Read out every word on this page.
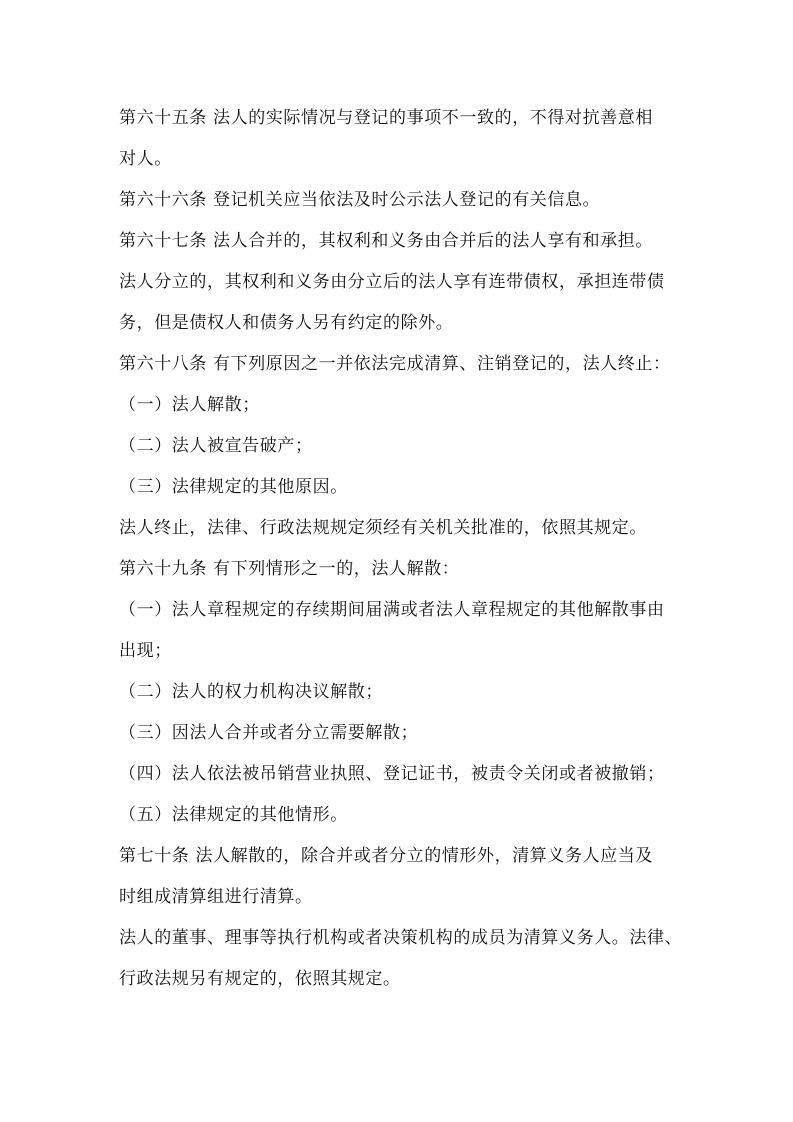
第六十五条 法人的实际情况与登记的事项不一致的，不得对抗善意相
对人。
第六十六条 登记机关应当依法及时公示法人登记的有关信息。
第六十七条 法人合并的，其权利和义务由合并后的法人享有和承担。
法人分立的，其权利和义务由分立后的法人享有连带债权，承担连带债
务，但是债权人和债务人另有约定的除外。
第六十八条 有下列原因之一并依法完成清算、注销登记的，法人终止：
（一）法人解散；
（二）法人被宣告破产；
（三）法律规定的其他原因。
法人终止，法律、行政法规规定须经有关机关批准的，依照其规定。
第六十九条 有下列情形之一的，法人解散：
（一）法人章程规定的存续期间届满或者法人章程规定的其他解散事由
出现；
（二）法人的权力机构决议解散；
（三）因法人合并或者分立需要解散；
（四）法人依法被吊销营业执照、登记证书，被责令关闭或者被撤销；
（五）法律规定的其他情形。
第七十条 法人解散的，除合并或者分立的情形外，清算义务人应当及
时组成清算组进行清算。
法人的董事、理事等执行机构或者决策机构的成员为清算义务人。法律、
行政法规另有规定的，依照其规定。
